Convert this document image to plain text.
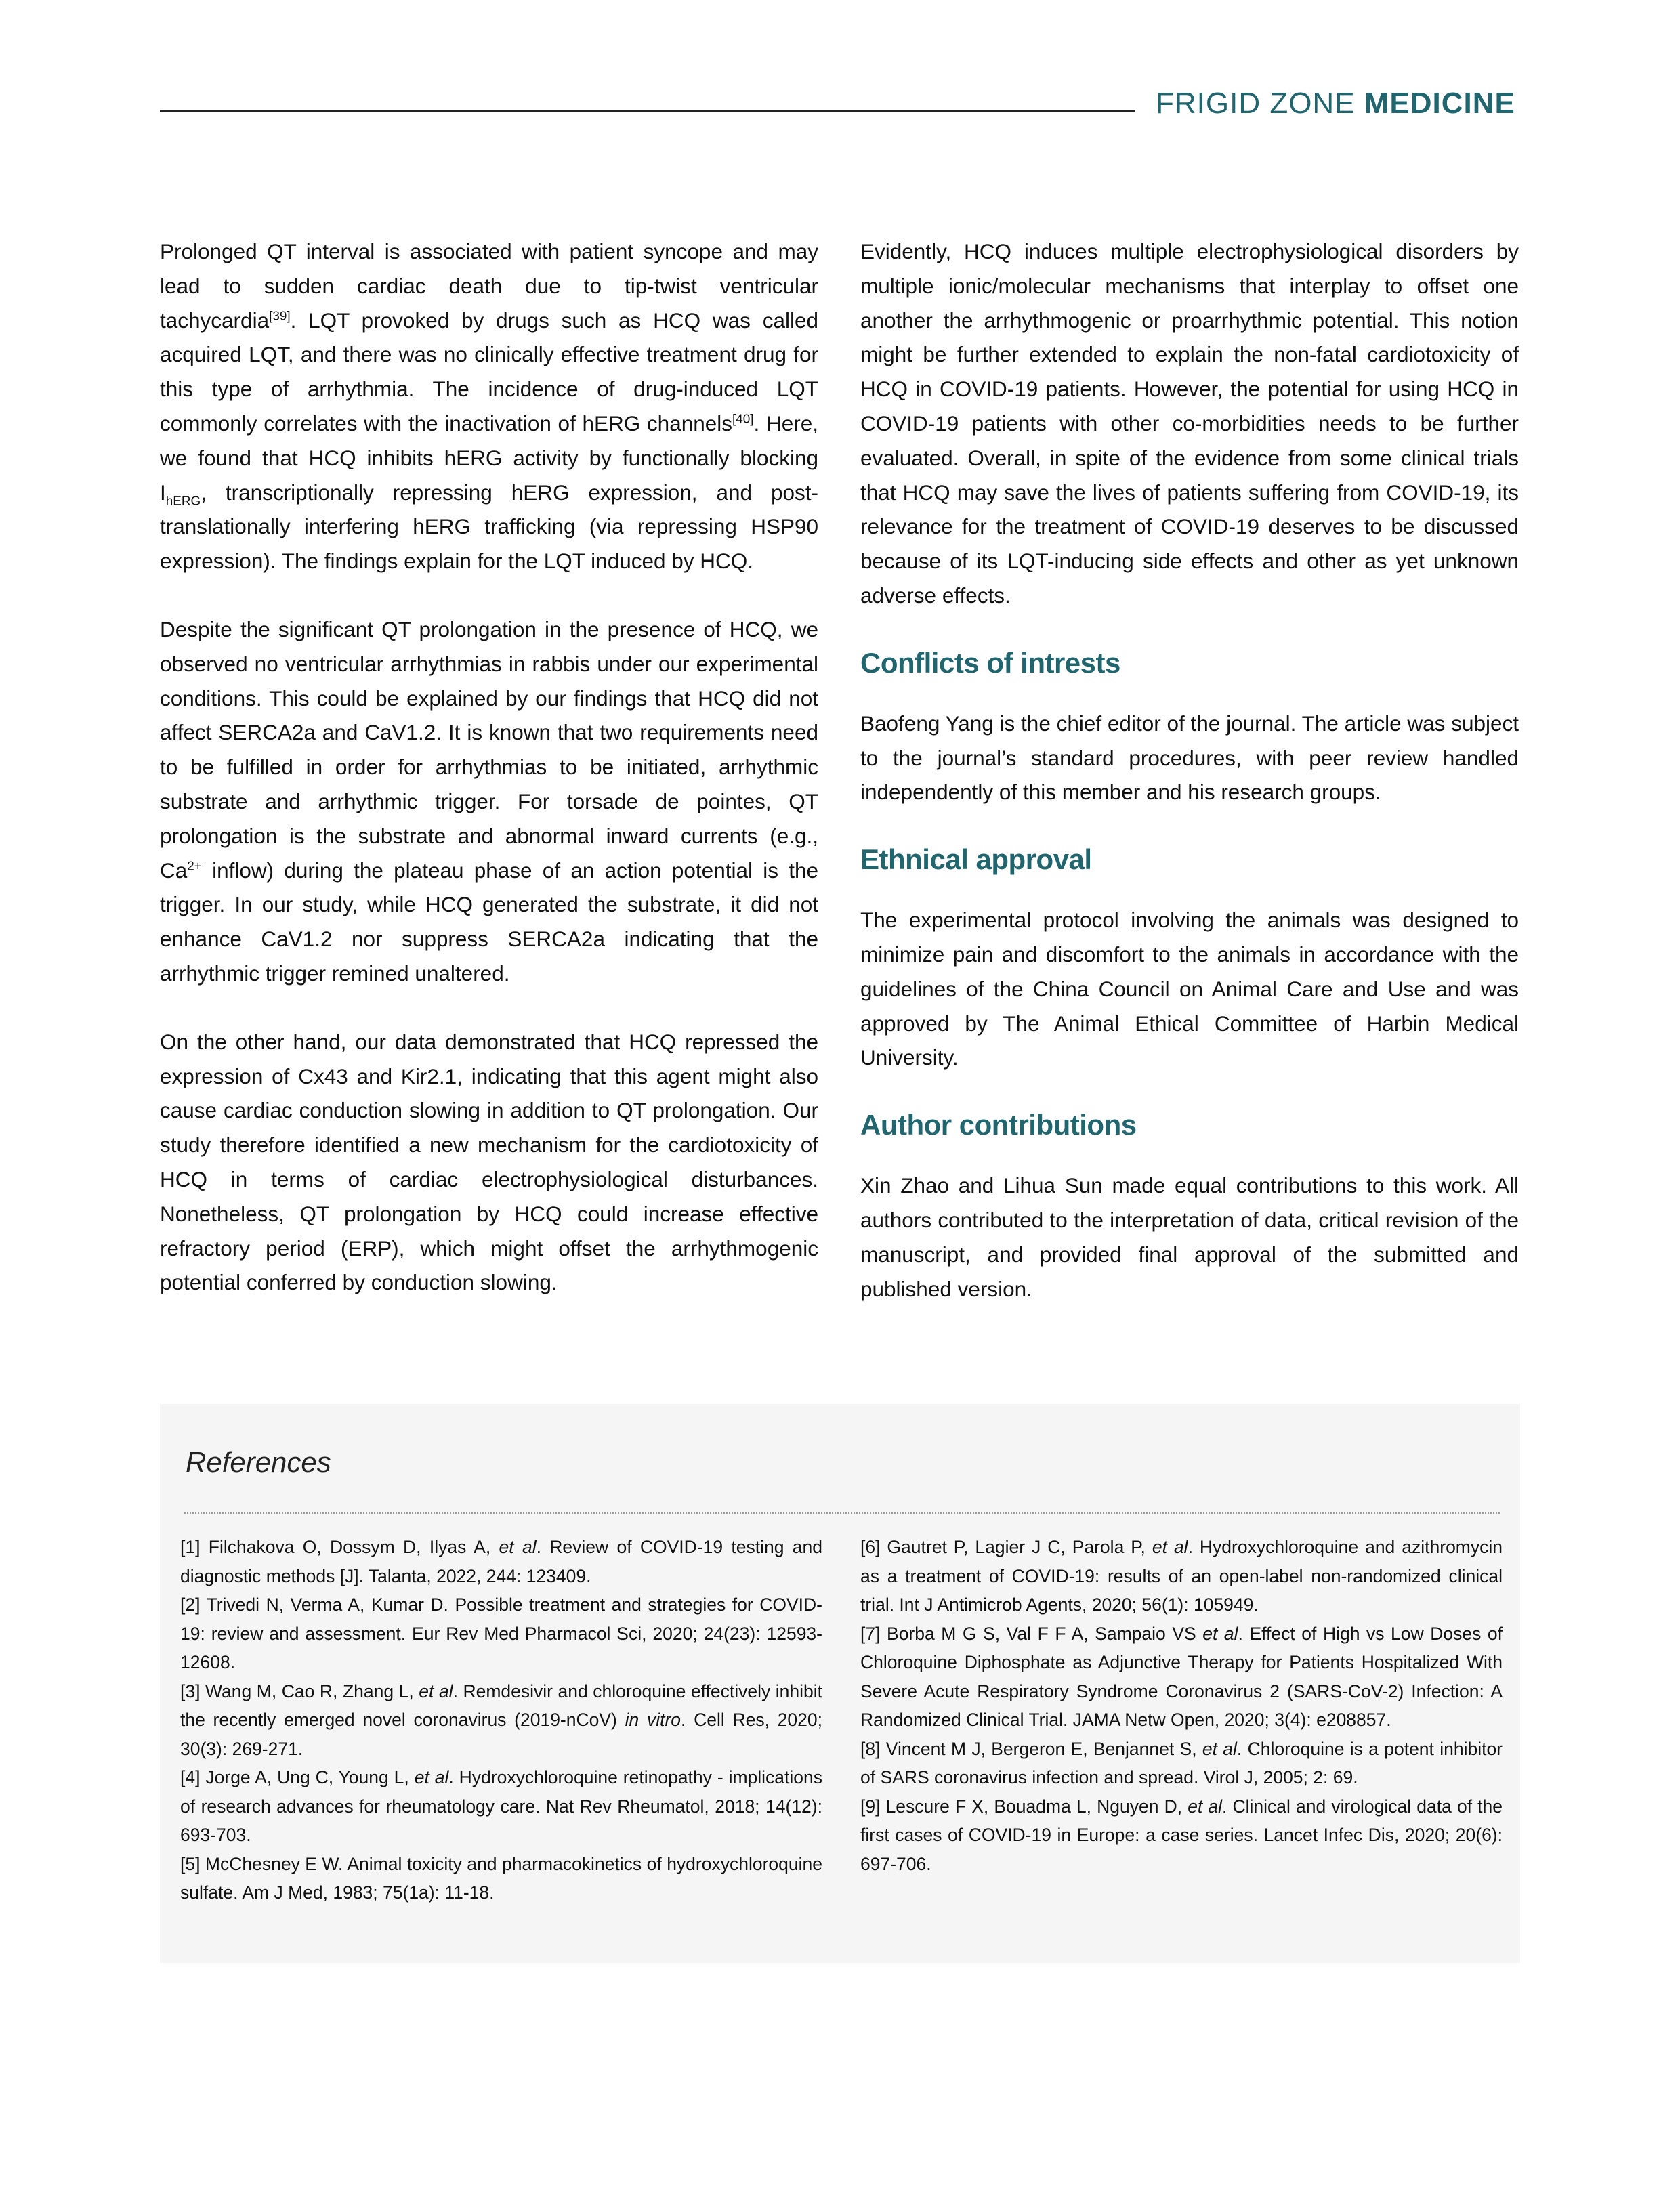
FRIGID ZONE MEDICINE

Prolonged QT interval is associated with patient syncope and may lead to sudden cardiac death due to tip-twist ventricular tachycardia[39]. LQT provoked by drugs such as HCQ was called acquired LQT, and there was no clinically effective treatment drug for this type of arrhythmia. The incidence of drug-induced LQT commonly correlates with the inactivation of hERG channels[40]. Here, we found that HCQ inhibits hERG activity by functionally blocking $I_{hERG}$, transcriptionally repressing hERG expression, and post-translationally interfering hERG trafficking (via repressing HSP90 expression). The findings explain for the LQT induced by HCQ.

Despite the significant QT prolongation in the presence of HCQ, we observed no ventricular arrhythmias in rabbis under our experimental conditions. This could be explained by our findings that HCQ did not affect SERCA2a and CaV1.2. It is known that two requirements need to be fulfilled in order for arrhythmias to be initiated, arrhythmic substrate and arrhythmic trigger. For torsade de pointes, QT prolongation is the substrate and abnormal inward currents (e.g., $Ca^{2+}$ inflow) during the plateau phase of an action potential is the trigger. In our study, while HCQ generated the substrate, it did not enhance CaV1.2 nor suppress SERCA2a indicating that the arrhythmic trigger remined unaltered.

On the other hand, our data demonstrated that HCQ repressed the expression of Cx43 and Kir2.1, indicating that this agent might also cause cardiac conduction slowing in addition to QT prolongation. Our study therefore identified a new mechanism for the cardiotoxicity of HCQ in terms of cardiac electrophysiological disturbances. Nonetheless, QT prolongation by HCQ could increase effective refractory period (ERP), which might offset the arrhythmogenic potential conferred by conduction slowing.

Evidently, HCQ induces multiple electrophysiological disorders by multiple ionic/molecular mechanisms that interplay to offset one another the arrhythmogenic or proarrhythmic potential. This notion might be further extended to explain the non-fatal cardiotoxicity of HCQ in COVID-19 patients. However, the potential for using HCQ in COVID-19 patients with other co-morbidities needs to be further evaluated. Overall, in spite of the evidence from some clinical trials that HCQ may save the lives of patients suffering from COVID-19, its relevance for the treatment of COVID-19 deserves to be discussed because of its LQT-inducing side effects and other as yet unknown adverse effects.

Conflicts of intrests

Baofeng Yang is the chief editor of the journal. The article was subject to the journal’s standard procedures, with peer review handled independently of this member and his research groups.

Ethnical approval

The experimental protocol involving the animals was designed to minimize pain and discomfort to the animals in accordance with the guidelines of the China Council on Animal Care and Use and was approved by The Animal Ethical Committee of Harbin Medical University.

Author contributions

Xin Zhao and Lihua Sun made equal contributions to this work. All authors contributed to the interpretation of data, critical revision of the manuscript, and provided final approval of the submitted and published version.

References

[1] Filchakova O, Dossym D, Ilyas A, et al. Review of COVID-19 testing and diagnostic methods [J]. Talanta, 2022, 244: 123409.

[2] Trivedi N, Verma A, Kumar D. Possible treatment and strategies for COVID-19: review and assessment. Eur Rev Med Pharmacol Sci, 2020; 24(23): 12593-12608.

[3] Wang M, Cao R, Zhang L, et al. Remdesivir and chloroquine effectively inhibit the recently emerged novel coronavirus (2019-nCoV) in vitro. Cell Res, 2020; 30(3): 269-271.

[4] Jorge A, Ung C, Young L, et al. Hydroxychloroquine retinopathy - implications of research advances for rheumatology care. Nat Rev Rheumatol, 2018; 14(12): 693-703.

[5] McChesney E W. Animal toxicity and pharmacokinetics of hydroxychloroquine sulfate. Am J Med, 1983; 75(1a): 11-18.

[6] Gautret P, Lagier J C, Parola P, et al. Hydroxychloroquine and azithromycin as a treatment of COVID-19: results of an open-label non-randomized clinical trial. Int J Antimicrob Agents, 2020; 56(1): 105949.

[7] Borba M G S, Val F F A, Sampaio VS et al. Effect of High vs Low Doses of Chloroquine Diphosphate as Adjunctive Therapy for Patients Hospitalized With Severe Acute Respiratory Syndrome Coronavirus 2 (SARS-CoV-2) Infection: A Randomized Clinical Trial. JAMA Netw Open, 2020; 3(4): e208857.

[8] Vincent M J, Bergeron E, Benjannet S, et al. Chloroquine is a potent inhibitor of SARS coronavirus infection and spread. Virol J, 2005; 2: 69.

[9] Lescure F X, Bouadma L, Nguyen D, et al. Clinical and virological data of the first cases of COVID-19 in Europe: a case series. Lancet Infec Dis, 2020; 20(6): 697-706.
